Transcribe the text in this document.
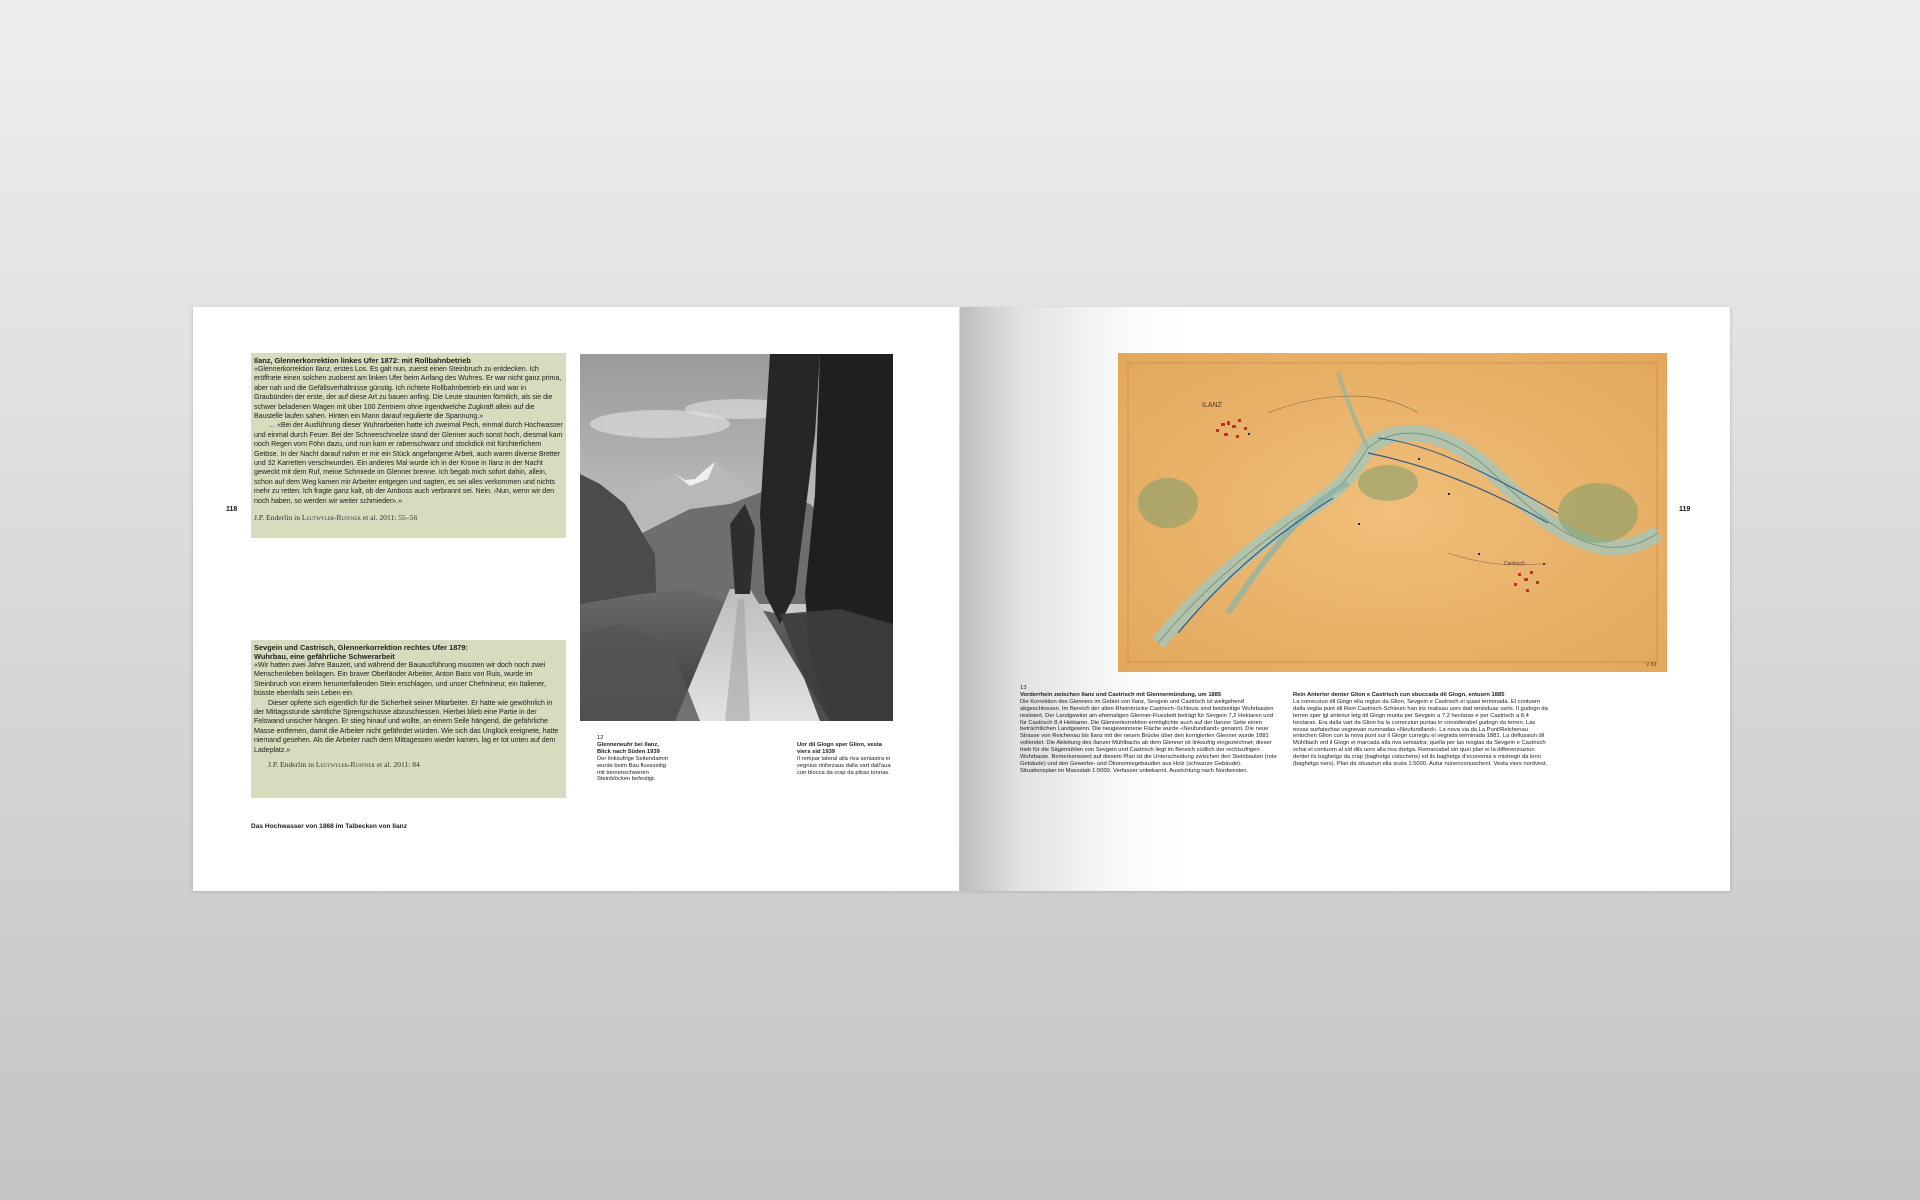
118

Ilanz, Glennerkorrektion linkes Ufer 1872: mit Rollbahnbetrieb

«Glennerkorrektion Ilanz, erstes Los. Es galt nun, zuerst einen Steinbruch zu entdecken. Ich eröffnete einen solchen zuoberst am linken Ufer beim Anfang des Wuhres. Er war nicht ganz prima, aber nah und die Gefällsverhältnisse günstig. Ich richtete Rollbahnbetrieb ein und war in Graubünden der erste, der auf diese Art zu bauen anfing. Die Leute staunten förmlich, als sie die schwer beladenen Wagen mit über 100 Zentnern ohne irgendwelche Zugkraft allein auf die Baustelle laufen sahen. Hinten ein Mann darauf regulierte die Spannung.»

… «Bei der Ausführung dieser Wuhrarbeiten hatte ich zweimal Pech, einmal durch Hochwasser und einmal durch Feuer. Bei der Schneeschmelze stand der Glenner auch sonst hoch, diesmal kam noch Regen vom Föhn dazu, und nun kam er rabenschwarz und stockdick mit fürchterlichem Getöse. In der Nacht darauf nahm er mir ein Stück angefangene Arbeit, auch waren diverse Bretter und 32 Karretten verschwunden. Ein anderes Mal wurde ich in der Krone in Ilanz in der Nacht geweckt mit dem Ruf, meine Schmiede im Glenner brenne. Ich begab mich sofort dahin, allein, schon auf dem Weg kamen mir Arbeiter entgegen und sagten, es sei alles verkommen und nichts mehr zu retten. Ich fragte ganz kalt, ob der Amboss auch verbrannt sei. Nein. ‹Nun, wenn wir den noch haben, so werden wir weiter schmieden›.»

J.P. Enderlin in Leutwyler-Ruffner et al. 2011: 55–56

Sevgein und Castrisch, Glennerkorrektion rechtes Ufer 1879:

Wuhrbau, eine gefährliche Schwerarbeit

«Wir hatten zwei Jahre Bauzeit, und während der Bauausführung mussten wir doch noch zwei Menschenleben beklagen. Ein braver Oberländer Arbeiter, Anton Bass von Ruis, wurde im Steinbruch von einem herunterfallenden Stein erschlagen, und unser Chefmineur, ein Italiener, büsste ebenfalls sein Leben ein.

Dieser opferte sich eigentlich für die Sicherheit seiner Mitarbeiter. Er hatte wie gewöhnlich in der Mittagsstunde sämtliche Sprengschüsse abzuschiessen. Hierbei blieb eine Partie in der Felswand unsicher hängen. Er stieg hinauf und wollte, an einem Seile hängend, die gefährliche Masse entfernen, damit die Arbeiter nicht gefährdet würden. Wie sich das Unglück ereignete, hatte niemand gesehen. Als die Arbeiter nach dem Mittagessen wieder kamen, lag er tot unten auf dem Ladeplatz.»

J.P. Enderlin in Leutwyler-Ruffner et al. 2011: 84

12

Glennerwuhr bei Ilanz, Blick nach Süden 1939

Der linksufrige Seitendamm wurde beim Bau flussseitig mit tonnenschweren Steinblöcken befestigt.

Uor dil Glogn sper Glion, vesta viers sid 1939

Il rempar lateral alla riva seniastra ei vegnius rinforzaus dalla vart dall'aua cun blocca da crap da pliras tonnas.

Das Hochwasser von 1868 im Talbecken von Ilanz
119
ILANZ
Castrisch
V 83

13

Vorderrhein zwischen Ilanz und Castrisch mit Glennermündung, um 1885

Die Korrektion des Glenners im Gebiet von Ilanz, Sevgein und Castrisch ist weitgehend abgeschlossen. Im Bereich der alten Rheinbrücke Castrisch–Schleuis sind beidseitige Wuhrbauten realisiert. Der Landgewinn am ehemaligen Glenner-Flussbett beträgt für Sevgein 7,2 Hektaren und für Castrisch 8,4 Hektaren. Die Glennerkorrektion ermöglichte auch auf der Ilanzer Seite einen beträchtlichen Landgewinn. Die neugewonnene Fläche wurde «Neufundland» genannt. Die neue Strasse von Reichenau bis Ilanz mit der neuen Brücke über den korrigierten Glenner wurde 1881 vollendet. Die Ableitung des Ilanzer Mühlbachs ab dem Glenner ist linksufrig eingezeichnet; dieser trieb für die Sägemühlen von Sevgein und Castrisch liegt im Bereich südlich der rechtsufrigen Wuhrbaute. Bemerkenswert auf diesem Plan ist die Unterscheidung zwischen den Steinbauten (rote Gebäude) und den Gewerbe- und Ökonomiegebäuden aus Holz (schwarze Gebäude). Situationsplan im Massstab 1:5000. Verfasser unbekannt. Ausrichtung nach Nordwesten.

Rein Anterior denter Glion e Castrisch cun sbuccada dil Glogn, entuorn 1885

La correcziun dil Glogn ella regiun da Glion, Sevgein e Castrisch ei quasi terminada. El contuorn dalla veglia punt dil Rein Castrisch-Schleuin han ins realisau uors dad omisduas varts. Il gudogn da terren sper igl anteriur letg dil Glogn munta per Sevgein a 7,2 hectaras e per Castrisch a 8,4 hectaras. Era dalla vart da Glion ha la correcziun purtau in considerabel gudogn da terren. Las novas surfatschas vegnevan numnadas «Neufundland». La nova via da La Punt/Reichenau entochen Glion cun la nova punt sur il Glogn curregiu ei vegnida terminada 1881. La deflussiun dil Mühlbach ord il Glogn ei marcada alla riva seniastra; quella per las resgias da Sevgein e Castrisch schai el contuorn al sid dils uors alla riva dretga. Remarcabel sin quei plan ei la differenziaziun denter ils baghetgs da crap (baghetgs cotschens) ed ils baghetgs d'economia e mistregn da lenn (baghetgs ners). Plan da situaziun ella scala 1:5000. Autur nunenconuschent. Vesta viers nordvest.
